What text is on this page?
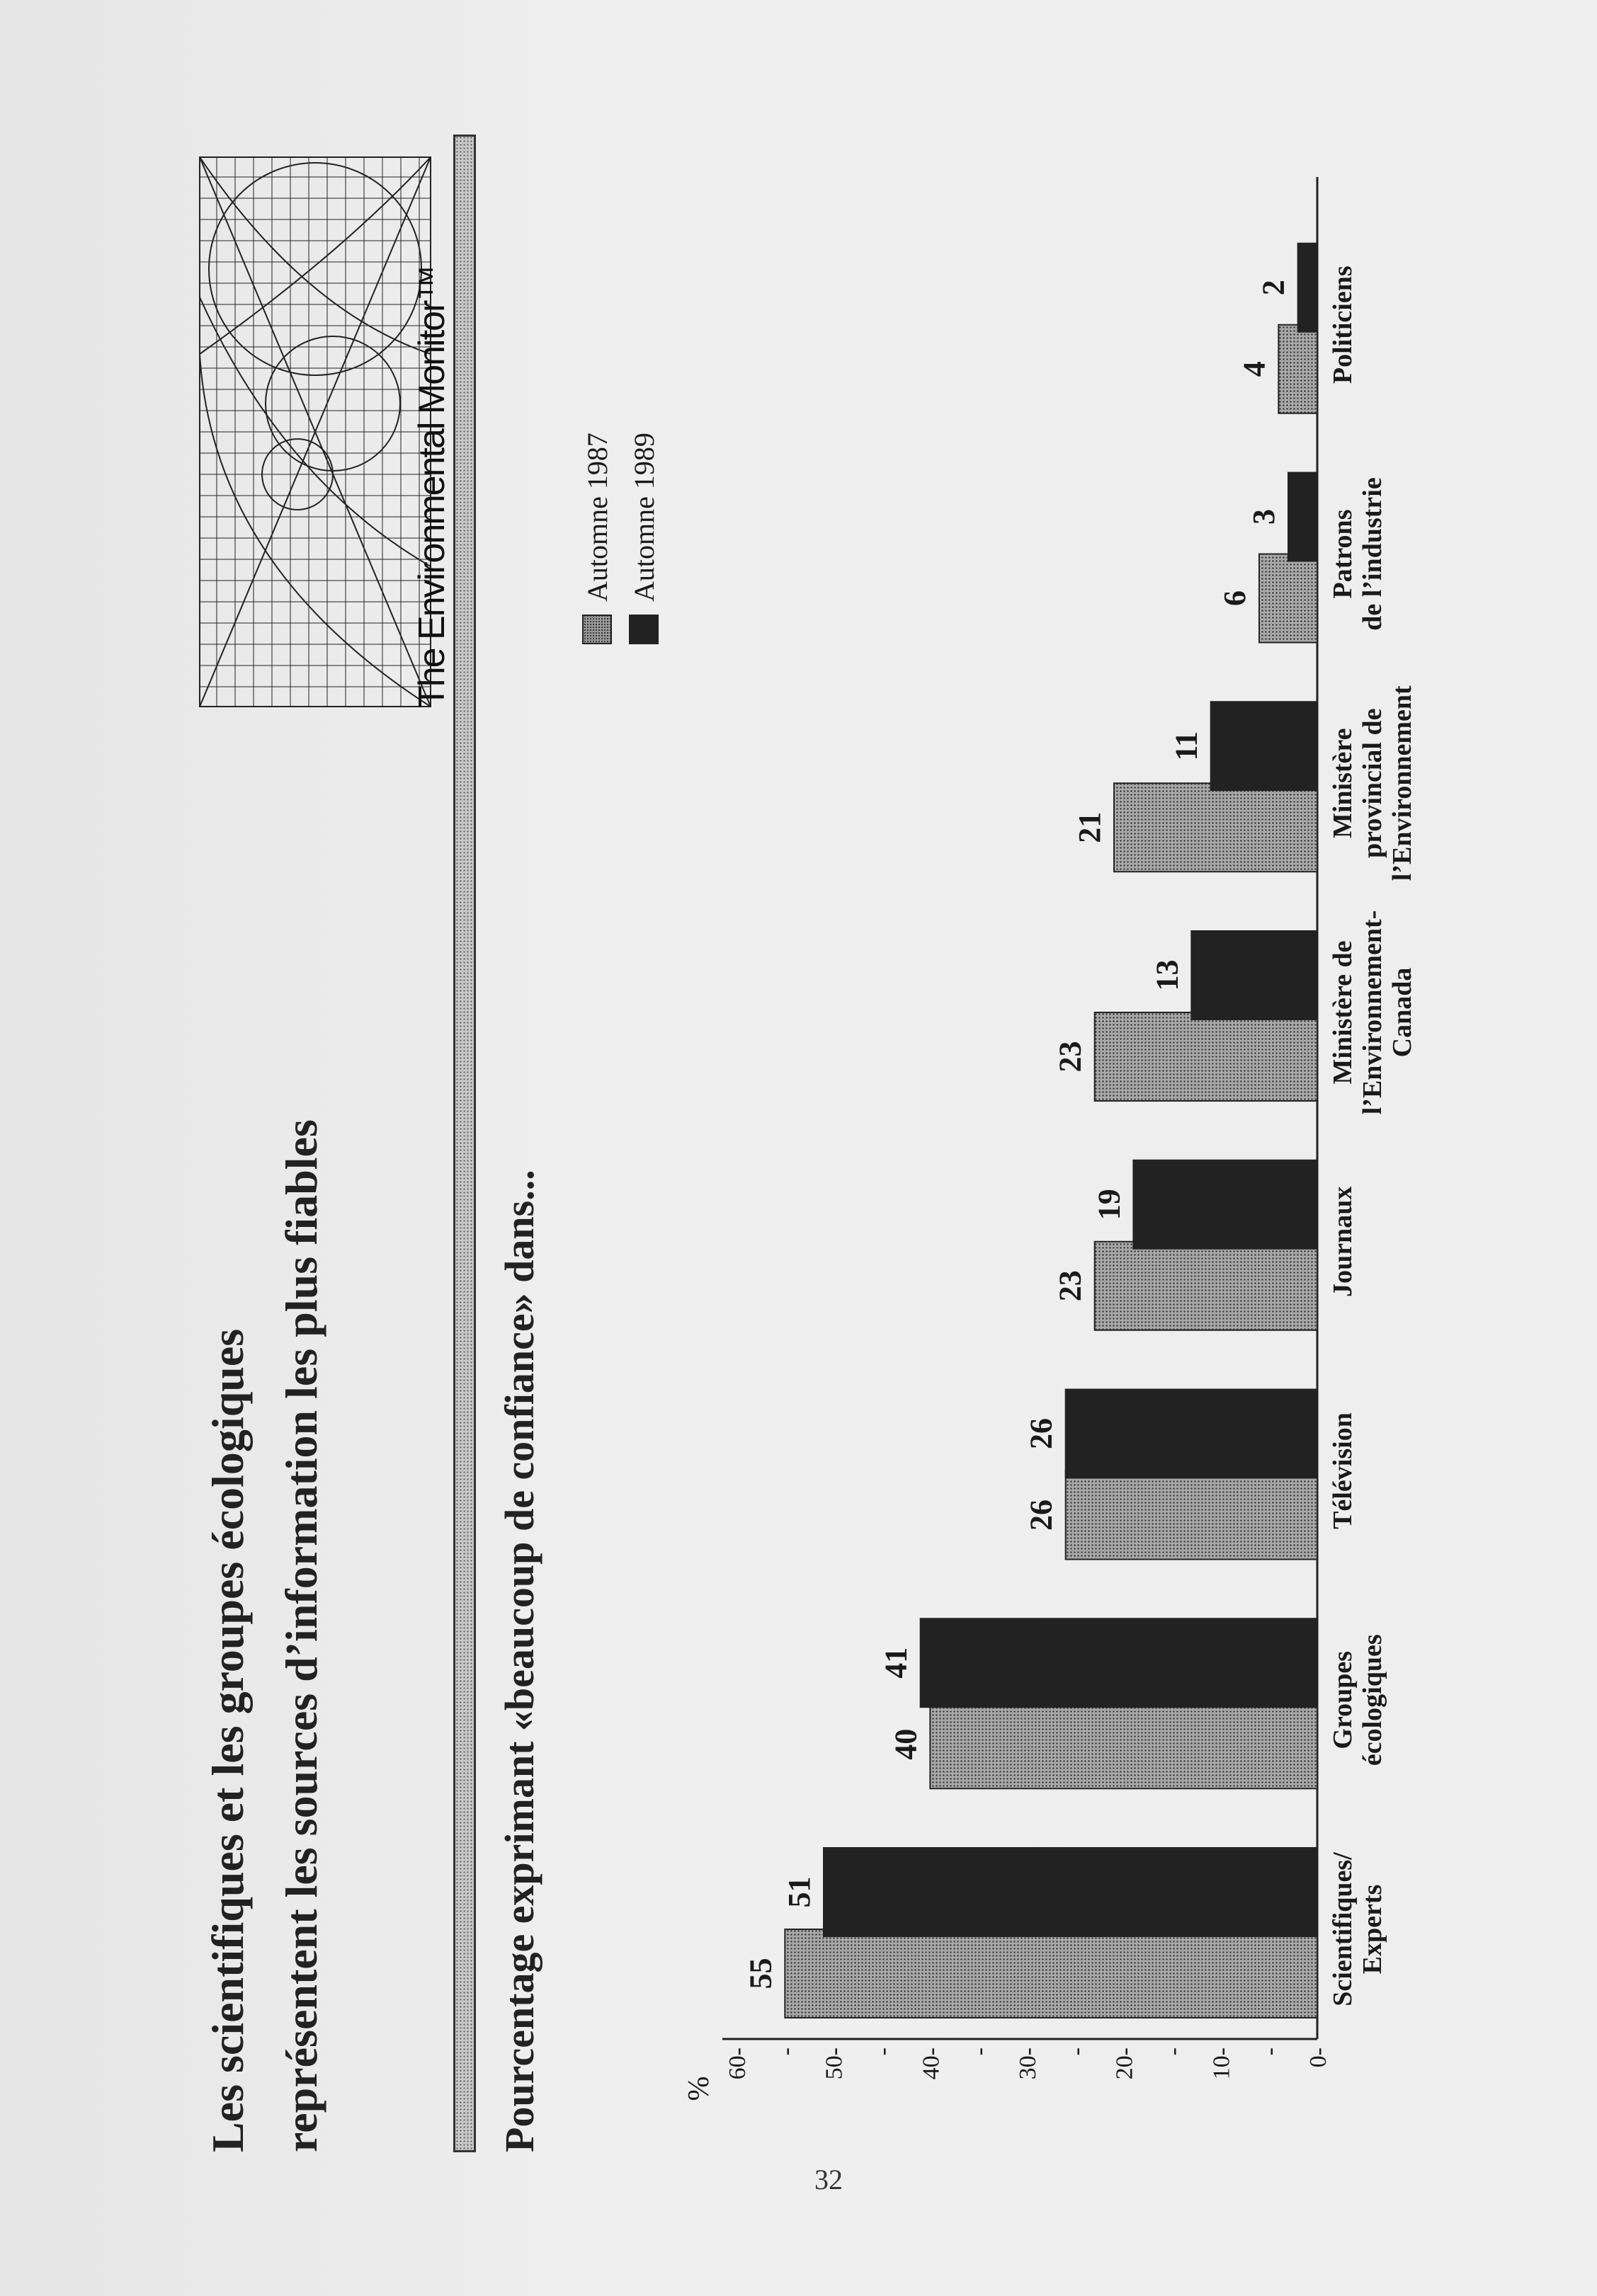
Les scientifiques et les groupes écologiques représentent les sources d’information les plus fiables
The Environmental Monitor™
Pourcentage exprimant «beaucoup de confiance» dans...
Automne 1987 Automne 1989
%
0-
-
10-
-
20-
-
30-
-
40-
-
50-
-
60-
55
51	Scientifiques/ Experts
40
41	Groupes écologiques
26
26	Télévision
23
19	Journaux
23
13	Ministère de l’Environnement- Canada
21
11	Ministère provincial de l’Environnement
6
3 Patrons de l’industrie
4
2 Politiciens
32
